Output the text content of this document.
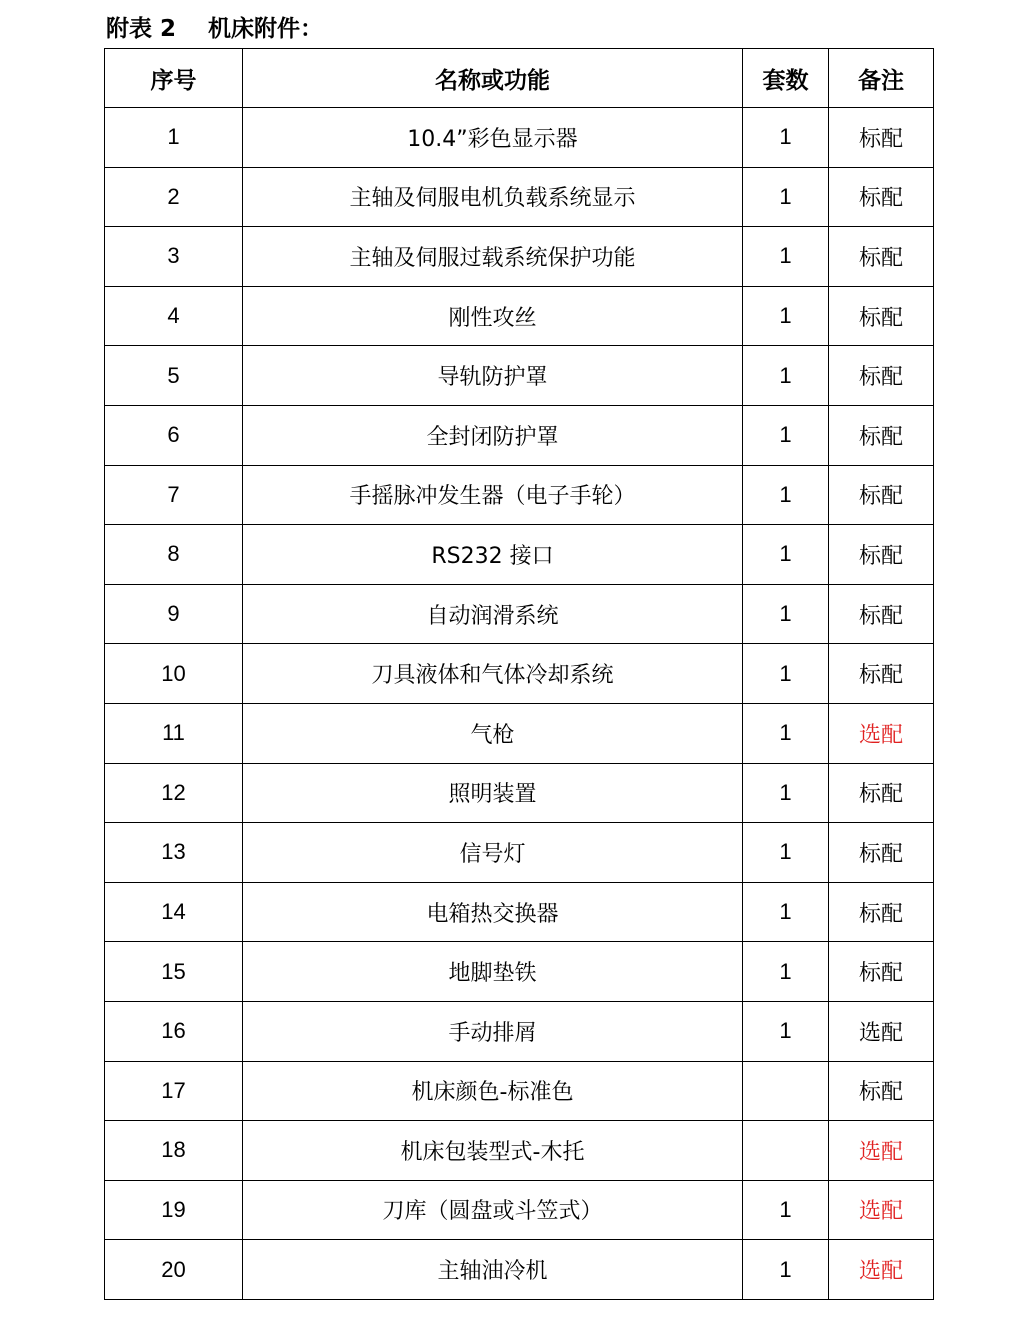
附表 2    机床附件：
序号	名称或功能	套数	备注
1	10.4”彩色显示器	1	标配
2	主轴及伺服电机负载系统显示	1	标配
3	主轴及伺服过载系统保护功能	1	标配
4	刚性攻丝	1	标配
5	导轨防护罩	1	标配
6	全封闭防护罩	1	标配
7	手摇脉冲发生器（电子手轮）	1	标配
8	RS232 接口	1	标配
9	自动润滑系统	1	标配
10	刀具液体和气体冷却系统	1	标配
11	气枪	1	选配
12	照明装置	1	标配
13	信号灯	1	标配
14	电箱热交换器	1	标配
15	地脚垫铁	1	标配
16	手动排屑	1	选配
17	机床颜色-标准色		标配
18	机床包装型式-木托		选配
19	刀库（圆盘或斗笠式）	1	选配
20	主轴油冷机	1	选配
